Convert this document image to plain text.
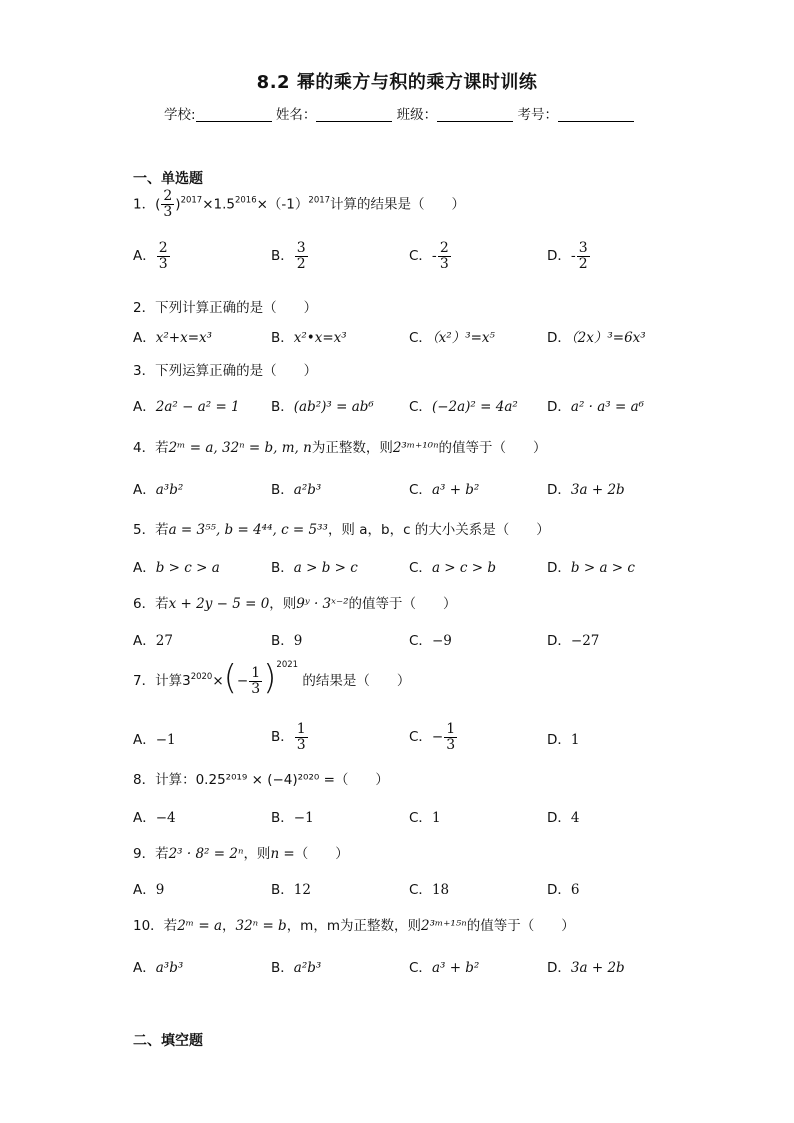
8.2 幂的乘方与积的乘方课时训练
学校:	姓名：	班级：	考号：
一、单选题
1．( $\frac{2}{3} )^{2017}\times 1.5^{2016}\times(-1)^{2017}$计算的结果是（　　）
A． $\frac{2}{3}$	B． $\frac{3}{2}$	C．- $\frac{2}{3}$	D．- $\frac{3}{2}$
2．下列计算正确的是（　　）
A．x²+x=x³	B．x²•x=x³	C．（x²）³=x⁵	D．（2x）³=6x³
3．下列运算正确的是（　　）
A．2a² − a² = 1 B．(ab²)³ = ab⁶	C．(−2a)² = 4a² D．a² · a³ = a⁶
4．若2ᵐ = a, 32ⁿ = b, m, n为正整数，则2³ᵐ⁺¹⁰ⁿ的值等于（　　）
A．a³b²	B．a²b³	C．a³ + b²	D．3a + 2b
5．若a = 3⁵⁵, b = 4⁴⁴, c = 5³³，则 a，b，c 的大小关系是（　　）
A．b > c > a	B．a > b > c	C．a > c > b	D．b > a > c
6．若x + 2y − 5 = 0，则9ʸ · 3ˣ⁻²的值等于（　　）
A．27	B．9	C．−9	D．−27
7．计算$3^{2020}\times(- \frac{1}{3} )^{2021}$ 的结果是（　　）
A．−1	B． $\frac{1}{3}$	C．− $\frac{1}{3}$	D．1
8．计算：0.25²⁰¹⁹ × (−4)²⁰²⁰ =（　　）
A．−4	B．−1	C．1	D．4
9．若2³ · 8² = 2ⁿ，则n =（　　）
A．9	B．12	C．18	D．6
10．若2ᵐ = a，32ⁿ = b，m，m为正整数，则2³ᵐ⁺¹⁵ⁿ的值等于（　　）
A．a³b³	B．a²b³	C．a³ + b²	D．3a + 2b
二、填空题
